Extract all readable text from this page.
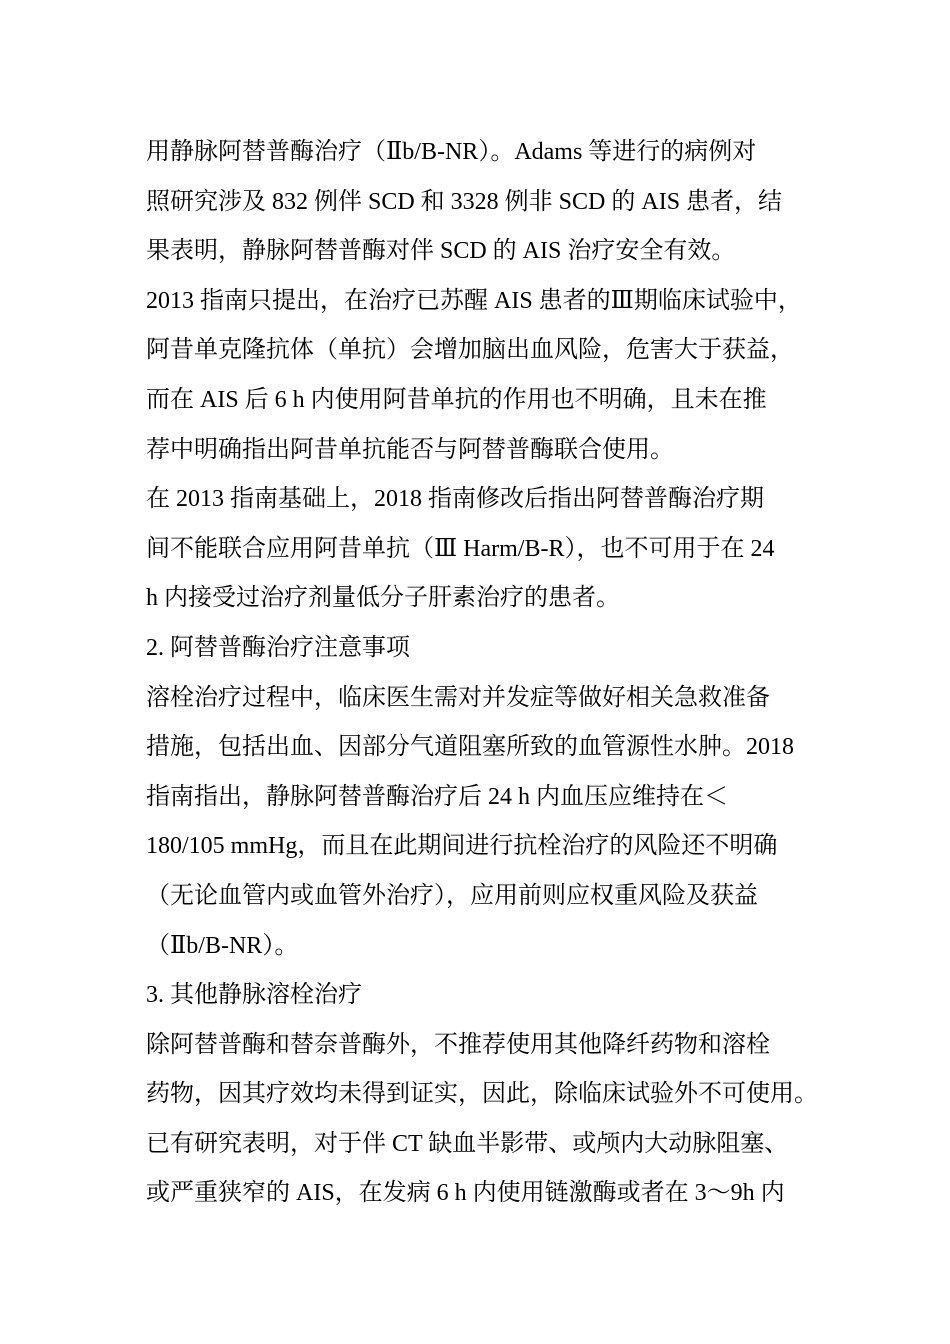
用静脉阿替普酶治疗（Ⅱb/B-NR）。Adams 等进行的病例对
照研究涉及 832 例伴 SCD 和 3328 例非 SCD 的 AIS 患者，结
果表明，静脉阿替普酶对伴 SCD 的 AIS 治疗安全有效。
2013 指南只提出，在治疗已苏醒 AIS 患者的Ⅲ期临床试验中，
阿昔单克隆抗体（单抗）会增加脑出血风险，危害大于获益，
而在 AIS 后 6 h 内使用阿昔单抗的作用也不明确，且未在推
荐中明确指出阿昔单抗能否与阿替普酶联合使用。
在 2013 指南基础上，2018 指南修改后指出阿替普酶治疗期
间不能联合应用阿昔单抗（Ⅲ Harm/B-R），也不可用于在 24
h 内接受过治疗剂量低分子肝素治疗的患者。
2. 阿替普酶治疗注意事项
溶栓治疗过程中，临床医生需对并发症等做好相关急救准备
措施，包括出血、因部分气道阻塞所致的血管源性水肿。2018
指南指出，静脉阿替普酶治疗后 24 h 内血压应维持在＜
180/105 mmHg，而且在此期间进行抗栓治疗的风险还不明确
（无论血管内或血管外治疗），应用前则应权重风险及获益
（Ⅱb/B-NR）。
3. 其他静脉溶栓治疗
除阿替普酶和替奈普酶外，不推荐使用其他降纤药物和溶栓
药物，因其疗效均未得到证实，因此，除临床试验外不可使用。
已有研究表明，对于伴 CT 缺血半影带、或颅内大动脉阻塞、
或严重狭窄的 AIS，在发病 6 h 内使用链激酶或者在 3～9h 内
